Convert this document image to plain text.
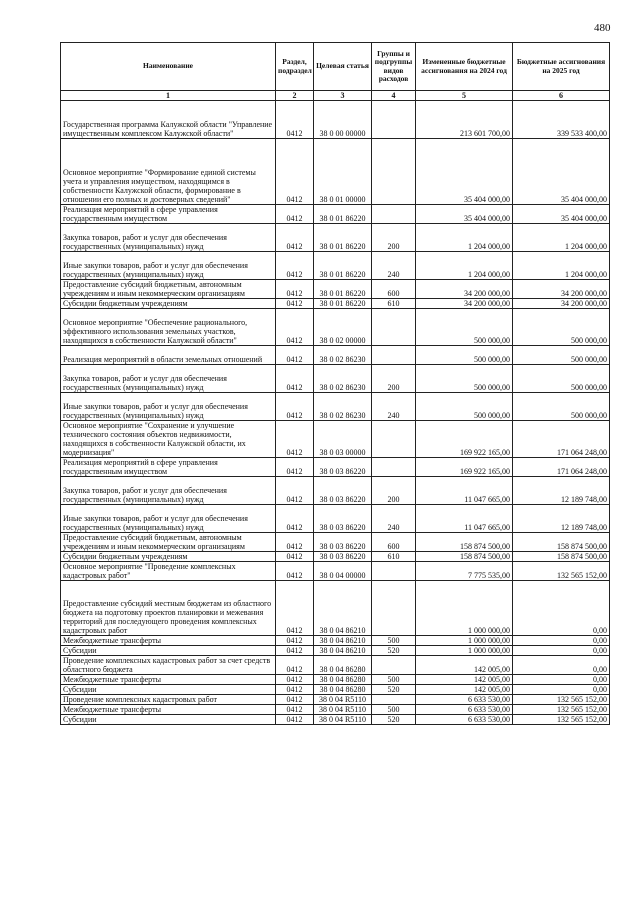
480
Наименование	Раздел, подраздел	Целевая статья	Группы и подгруппы видов расходов	Измененные бюджетные ассигнования на 2024 год	Бюджетные ассигнования на 2025 год
1	2	3	4	5	6
Государственная программа Калужской области "Управление имущественным комплексом Калужской области"	0412	38 0 00 00000		213 601 700,00	339 533 400,00
Основное мероприятие "Формирование единой системы учета и управления имуществом, находящимся в собственности Калужской области, формирование в отношении его полных и достоверных сведений"	0412	38 0 01 00000		35 404 000,00	35 404 000,00
Реализация мероприятий в сфере управления государственным имуществом	0412	38 0 01 86220		35 404 000,00	35 404 000,00
Закупка товаров, работ и услуг для обеспечения государственных (муниципальных) нужд	0412	38 0 01 86220	200	1 204 000,00	1 204 000,00
Иные закупки товаров, работ и услуг для обеспечения государственных (муниципальных) нужд	0412	38 0 01 86220	240	1 204 000,00	1 204 000,00
Предоставление субсидий бюджетным, автономным учреждениям и иным некоммерческим организациям	0412	38 0 01 86220	600	34 200 000,00	34 200 000,00
Субсидии бюджетным учреждениям	0412	38 0 01 86220	610	34 200 000,00	34 200 000,00
Основное мероприятие "Обеспечение рационального, эффективного использования земельных участков, находящихся в собственности Калужской области"	0412	38 0 02 00000		500 000,00	500 000,00
Реализация мероприятий в области земельных отношений	0412	38 0 02 86230		500 000,00	500 000,00
Закупка товаров, работ и услуг для обеспечения государственных (муниципальных) нужд	0412	38 0 02 86230	200	500 000,00	500 000,00
Иные закупки товаров, работ и услуг для обеспечения государственных (муниципальных) нужд	0412	38 0 02 86230	240	500 000,00	500 000,00
Основное мероприятие "Сохранение и улучшение технического состояния объектов недвижимости, находящихся в собственности Калужской области, их модернизация"	0412	38 0 03 00000		169 922 165,00	171 064 248,00
Реализация мероприятий в сфере управления государственным имуществом	0412	38 0 03 86220		169 922 165,00	171 064 248,00
Закупка товаров, работ и услуг для обеспечения государственных (муниципальных) нужд	0412	38 0 03 86220	200	11 047 665,00	12 189 748,00
Иные закупки товаров, работ и услуг для обеспечения государственных (муниципальных) нужд	0412	38 0 03 86220	240	11 047 665,00	12 189 748,00
Предоставление субсидий бюджетным, автономным учреждениям и иным некоммерческим организациям	0412	38 0 03 86220	600	158 874 500,00	158 874 500,00
Субсидии бюджетным учреждениям	0412	38 0 03 86220	610	158 874 500,00	158 874 500,00
Основное мероприятие "Проведение комплексных кадастровых работ"	0412	38 0 04 00000		7 775 535,00	132 565 152,00
Предоставление субсидий местным бюджетам из областного бюджета на подготовку проектов планировки и межевания территорий для последующего проведения комплексных кадастровых работ	0412	38 0 04 86210		1 000 000,00	0,00
Межбюджетные трансферты	0412	38 0 04 86210	500	1 000 000,00	0,00
Субсидии	0412	38 0 04 86210	520	1 000 000,00	0,00
Проведение комплексных кадастровых работ за счет средств областного бюджета	0412	38 0 04 86280		142 005,00	0,00
Межбюджетные трансферты	0412	38 0 04 86280	500	142 005,00	0,00
Субсидии	0412	38 0 04 86280	520	142 005,00	0,00
Проведение комплексных кадастровых работ	0412	38 0 04 R5110		6 633 530,00	132 565 152,00
Межбюджетные трансферты	0412	38 0 04 R5110	500	6 633 530,00	132 565 152,00
Субсидии	0412	38 0 04 R5110	520	6 633 530,00	132 565 152,00
